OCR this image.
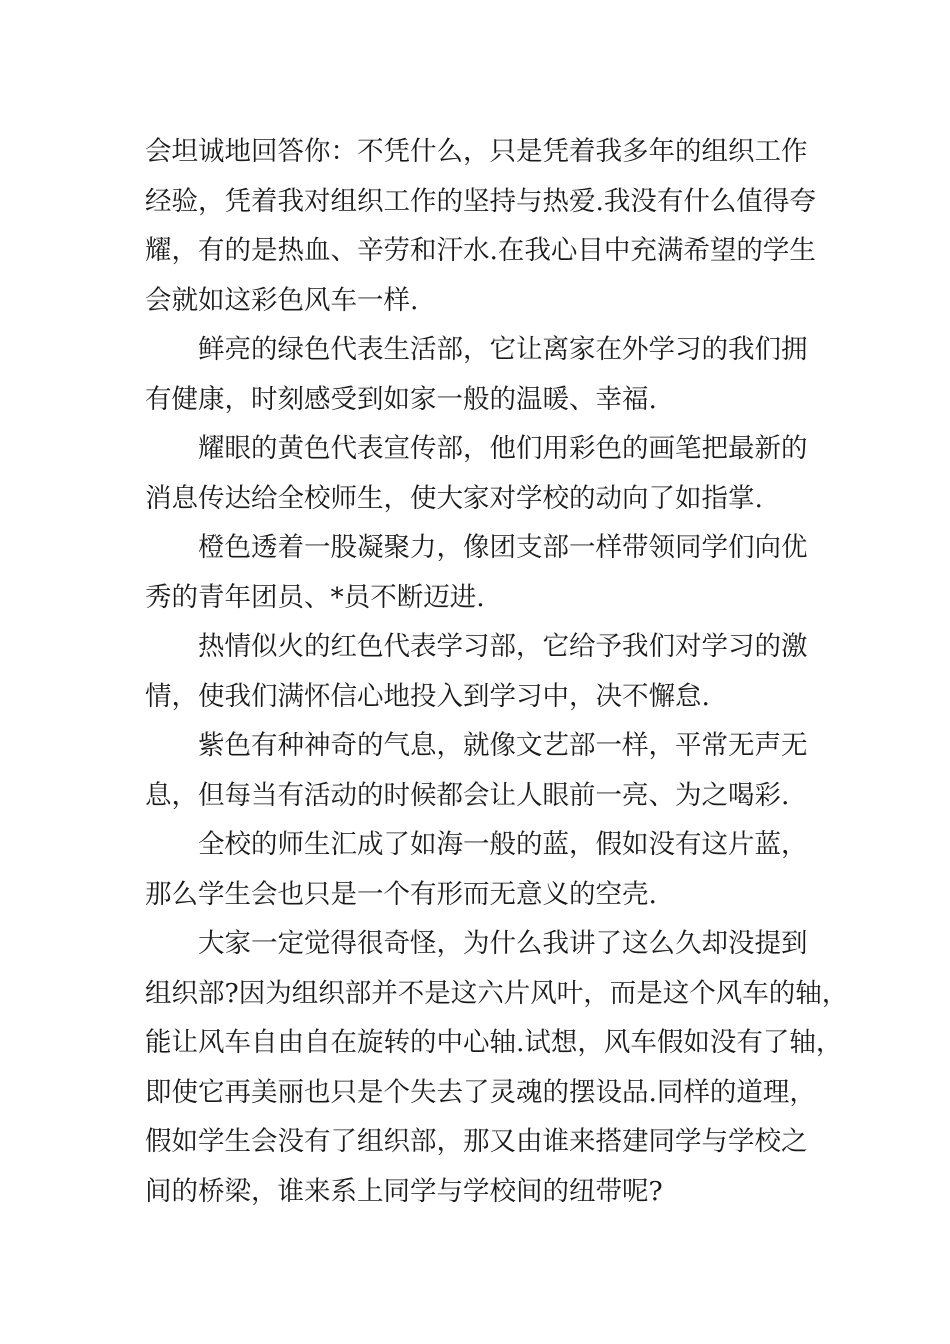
会坦诚地回答你：不凭什么，只是凭着我多年的组织工作
经验，凭着我对组织工作的坚持与热爱.我没有什么值得夸
耀，有的是热血、辛劳和汗水.在我心目中充满希望的学生
会就如这彩色风车一样.
鲜亮的绿色代表生活部，它让离家在外学习的我们拥
有健康，时刻感受到如家一般的温暖、幸福.
耀眼的黄色代表宣传部，他们用彩色的画笔把最新的
消息传达给全校师生，使大家对学校的动向了如指掌.
橙色透着一股凝聚力，像团支部一样带领同学们向优
秀的青年团员、*员不断迈进.
热情似火的红色代表学习部，它给予我们对学习的激
情，使我们满怀信心地投入到学习中，决不懈怠.
紫色有种神奇的气息，就像文艺部一样，平常无声无
息，但每当有活动的时候都会让人眼前一亮、为之喝彩.
全校的师生汇成了如海一般的蓝，假如没有这片蓝，
那么学生会也只是一个有形而无意义的空壳.
大家一定觉得很奇怪，为什么我讲了这么久却没提到
组织部?因为组织部并不是这六片风叶，而是这个风车的轴，
能让风车自由自在旋转的中心轴.试想，风车假如没有了轴，
即使它再美丽也只是个失去了灵魂的摆设品.同样的道理，
假如学生会没有了组织部，那又由谁来搭建同学与学校之
间的桥梁，谁来系上同学与学校间的纽带呢?
